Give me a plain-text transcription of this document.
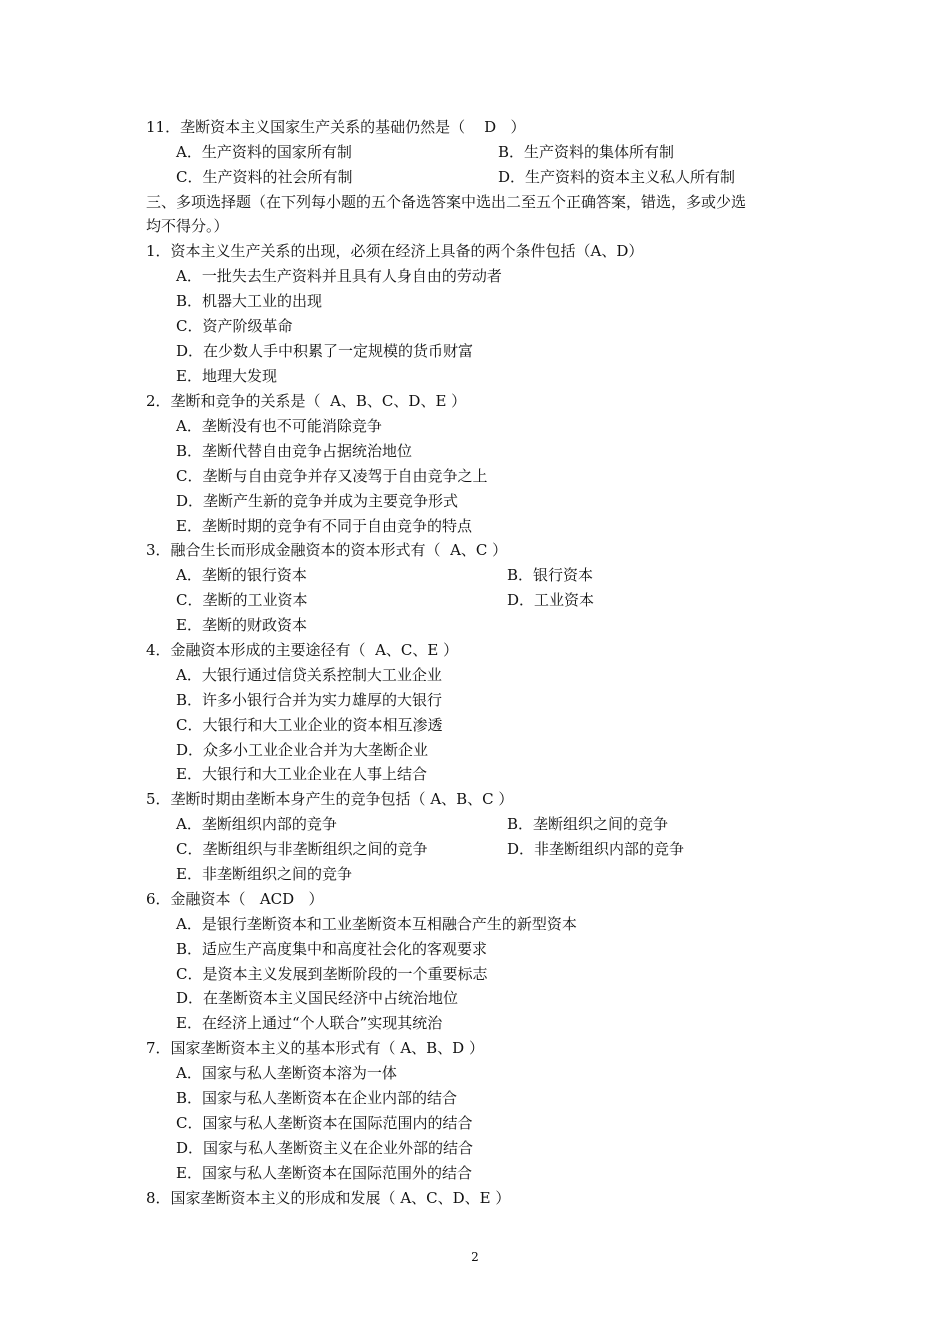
11．垄断资本主义国家生产关系的基础仍然是（    D   ）
A．生产资料的国家所有制	B．生产资料的集体所有制
C．生产资料的社会所有制	D．生产资料的资本主义私人所有制
三、多项选择题（在下列每小题的五个备选答案中选出二至五个正确答案，错选，多或少选
均不得分。）
1．资本主义生产关系的出现，必须在经济上具备的两个条件包括（A、D）
A．一批失去生产资料并且具有人身自由的劳动者
B．机器大工业的出现
C．资产阶级革命
D．在少数人手中积累了一定规模的货币财富
E．地理大发现
2．垄断和竞争的关系是（  A、B、C、D、E ）
A．垄断没有也不可能消除竞争
B．垄断代替自由竞争占据统治地位
C．垄断与自由竞争并存又凌驾于自由竞争之上
D．垄断产生新的竞争并成为主要竞争形式
E．垄断时期的竞争有不同于自由竞争的特点
3．融合生长而形成金融资本的资本形式有（  A、C ）
A．垄断的银行资本	B．银行资本
C．垄断的工业资本	D．工业资本
E．垄断的财政资本
4．金融资本形成的主要途径有（  A、C、E ）
A．大银行通过信贷关系控制大工业企业
B．许多小银行合并为实力雄厚的大银行
C．大银行和大工业企业的资本相互渗透
D．众多小工业企业合并为大垄断企业
E．大银行和大工业企业在人事上结合
5．垄断时期由垄断本身产生的竞争包括（ A、B、C ）
A．垄断组织内部的竞争	B．垄断组织之间的竞争
C．垄断组织与非垄断组织之间的竞争	D．非垄断组织内部的竞争
E．非垄断组织之间的竞争
6．金融资本（   ACD   ）
A．是银行垄断资本和工业垄断资本互相融合产生的新型资本
B．适应生产高度集中和高度社会化的客观要求
C．是资本主义发展到垄断阶段的一个重要标志
D．在垄断资本主义国民经济中占统治地位
E．在经济上通过“个人联合”实现其统治
7．国家垄断资本主义的基本形式有（ A、B、D ）
A．国家与私人垄断资本溶为一体
B．国家与私人垄断资本在企业内部的结合
C．国家与私人垄断资本在国际范围内的结合
D．国家与私人垄断资主义在企业外部的结合
E．国家与私人垄断资本在国际范围外的结合
8．国家垄断资本主义的形成和发展（ A、C、D、E ）
2
